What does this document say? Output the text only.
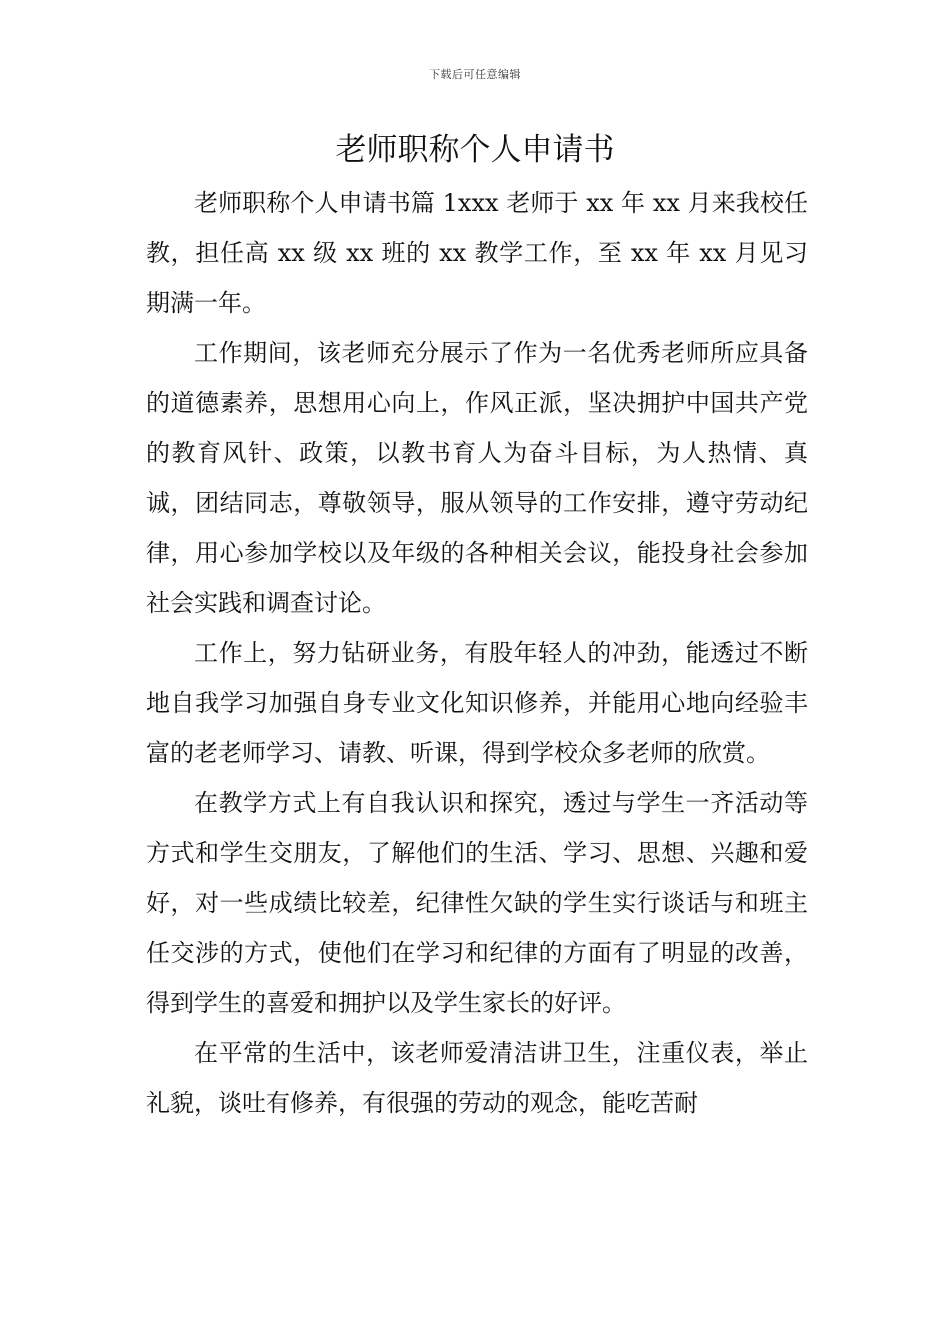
下载后可任意编辑
老师职称个人申请书

老师职称个人申请书篇 1xxx 老师于 xx 年 xx 月来我校任教，担任高 xx 级 xx 班的 xx 教学工作，至 xx 年 xx 月见习期满一年。

工作期间，该老师充分展示了作为一名优秀老师所应具备的道德素养，思想用心向上，作风正派，坚决拥护中国共产党的教育风针、政策，以教书育人为奋斗目标，为人热情、真诚，团结同志，尊敬领导，服从领导的工作安排，遵守劳动纪律，用心参加学校以及年级的各种相关会议，能投身社会参加社会实践和调查讨论。

工作上，努力钻研业务，有股年轻人的冲劲，能透过不断地自我学习加强自身专业文化知识修养，并能用心地向经验丰富的老老师学习、请教、听课，得到学校众多老师的欣赏。

在教学方式上有自我认识和探究，透过与学生一齐活动等方式和学生交朋友，了解他们的生活、学习、思想、兴趣和爱好，对一些成绩比较差，纪律性欠缺的学生实行谈话与和班主任交涉的方式，使他们在学习和纪律的方面有了明显的改善，得到学生的喜爱和拥护以及学生家长的好评。

在平常的生活中，该老师爱清洁讲卫生，注重仪表，举止礼貌，谈吐有修养，有很强的劳动的观念，能吃苦耐
